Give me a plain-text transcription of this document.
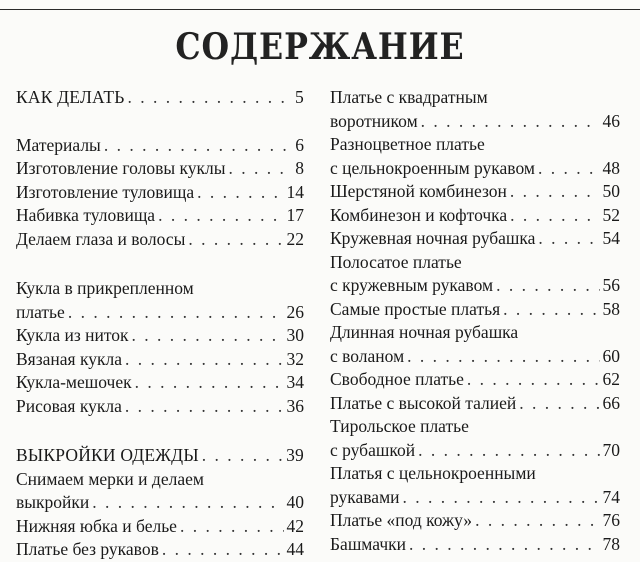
СОДЕРЖАНИЕ
КАК ДЕЛАТЬ . . .	5
Материалы . . .	6
Изготовление головы куклы . . .	8
Изготовление туловища . . .	14
Набивка туловища . . .	17
Делаем глаза и волосы . . .	22
Кукла в прикрепленном
платье . . .	26
Кукла из ниток . . .	30
Вязаная кукла . . .	32
Кукла-мешочек . . .	34
Рисовая кукла . . .	36
ВЫКРОЙКИ ОДЕЖДЫ . . .	39
Снимаем мерки и делаем
выкройки . . .	40
Нижняя юбка и белье . . .	42
Платье без рукавов . . .	44
Платье с квадратным
воротником . . .	46
Разноцветное платье
с цельнокроенным рукавом . . .	48
Шерстяной комбинезон . . .	50
Комбинезон и кофточка . . .	52
Кружевная ночная рубашка . . .	54
Полосатое платье
с кружевным рукавом . . .	56
Самые простые платья . . .	58
Длинная ночная рубашка
с воланом . . .	60
Свободное платье . . .	62
Платье с высокой талией . . .	66
Тирольское платье
с рубашкой . . .	70
Платья с цельнокроенными
рукавами . . .	74
Платье «под кожу» . . .	76
Башмачки . . .	78
